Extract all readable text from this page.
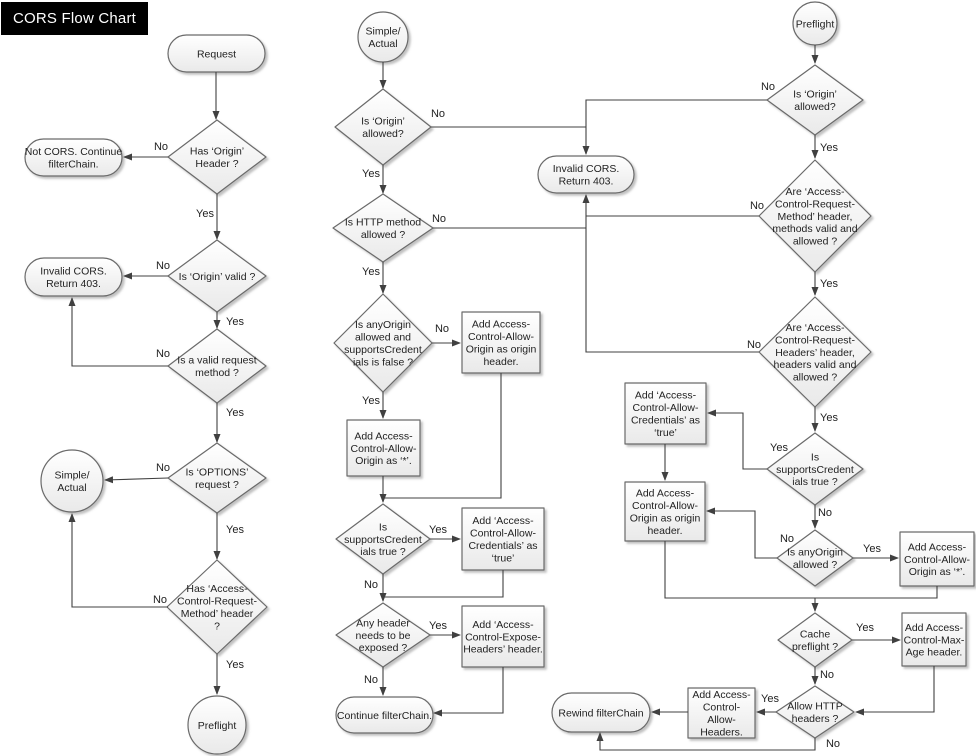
Request
Has ‘Origin’ Header ?
Not CORS. Continue filterChain.
Is ‘Origin’ valid ?
Invalid CORS. Return 403.
Is a valid request method ?
Simple/ Actual
Is ‘OPTIONS’ request ?
Has ‘Access-Control-Request-Method’ header ?
Preflight
Simple/ Actual
Is ‘Origin’ allowed?
Is HTTP method allowed ?
Is anyOrigin allowed and supportsCredent ials is false ?
Add Access-Control-Allow-Origin as origin header.
Add Access-Control-Allow-Origin as ‘*’.
Is supportsCredent ials true ?
Add ‘Access-Control-Allow-Credentials’ as ‘true’
Any header needs to be exposed ?
Add ‘Access-Control-Expose-Headers’ header.
Continue filterChain.
Invalid CORS. Return 403.
Preflight
Is ‘Origin’ allowed?
Are ‘Access-Control-Request-Method’ header, methods valid and allowed ?
Are ‘Access-Control-Request-Headers’ header, headers valid and allowed ?
Is supportsCredent ials true ?
Add ‘Access-Control-Allow-Credentials’ as ‘true’
Add Access-Control-Allow-Origin as origin header.
Is anyOrigin allowed ?
Add Access-Control-Allow-Origin as ‘*’.
Cache preflight ?
Add Access-Control-Max-Age header.
Allow HTTP headers ?
Add Access-Control-Allow-Headers.
Rewind filterChain
No
Yes
No
Yes
No
Yes
No
Yes
No
Yes
No
Yes
No
Yes
No
Yes
Yes
No
Yes
No
No
No
No
Yes
Yes
Yes
Yes
No
No
Yes
Yes
No
Yes
No
CORS Flow Chart
